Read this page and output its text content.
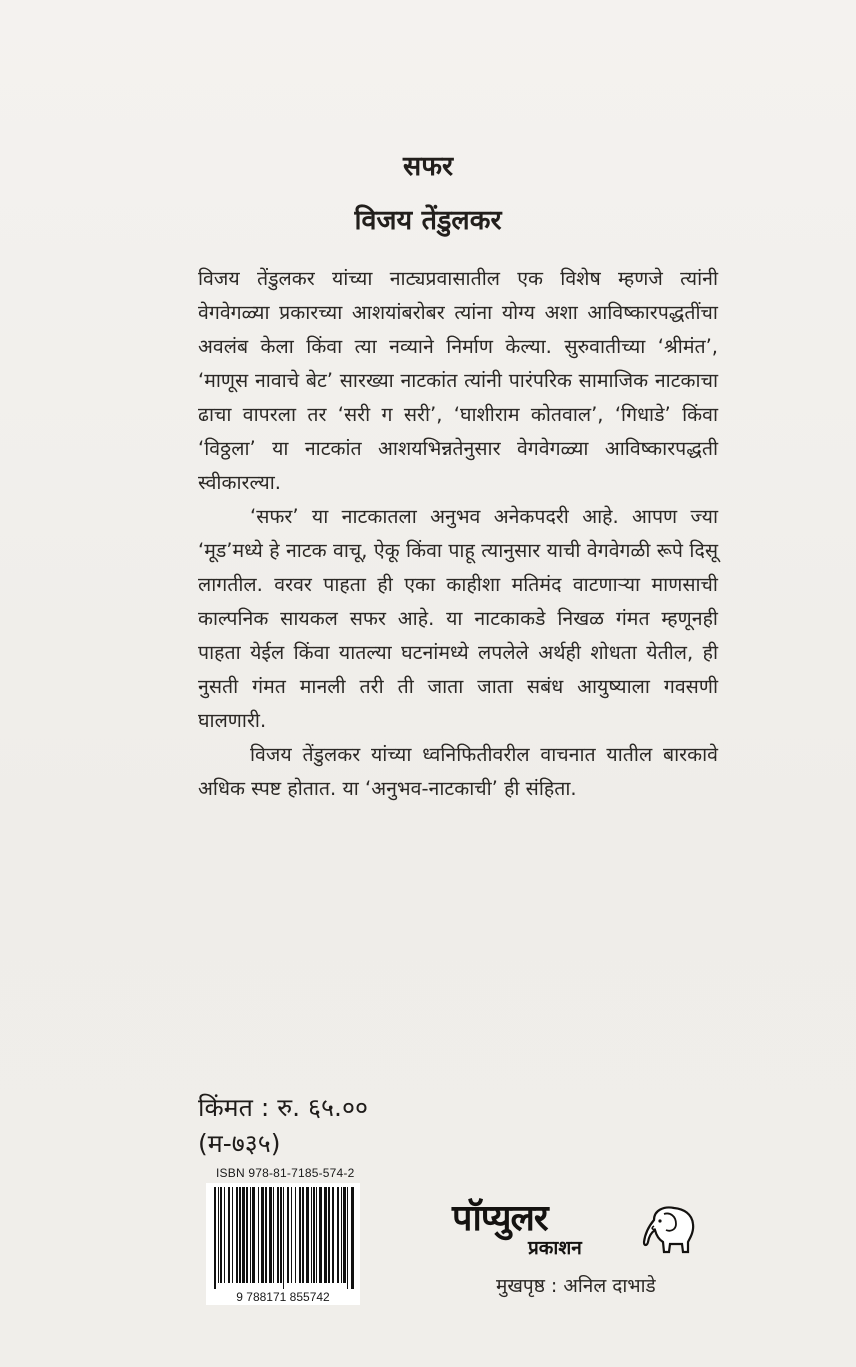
सफर
विजय तेंडुलकर

विजय तेंडुलकर यांच्या नाट्यप्रवासातील एक विशेष म्हणजे त्यांनी वेगवेगळ्या प्रकारच्या आशयांबरोबर त्यांना योग्य अशा आविष्कारपद्धतींचा अवलंब केला किंवा त्या नव्याने निर्माण केल्या. सुरुवातीच्या ‘श्रीमंत’, ‘माणूस नावाचे बेट’ सारख्या नाटकांत त्यांनी पारंपरिक सामाजिक नाटकाचा ढाचा वापरला तर ‘सरी ग सरी’, ‘घाशीराम कोतवाल’, ‘गिधाडे’ किंवा ‘विठ्ठला’ या नाटकांत आशयभिन्नतेनुसार वेगवेगळ्या आविष्कारपद्धती स्वीकारल्या.

‘सफर’ या नाटकातला अनुभव अनेकपदरी आहे. आपण ज्या ‘मूड’मध्ये हे नाटक वाचू, ऐकू किंवा पाहू त्यानुसार याची वेगवेगळी रूपे दिसू लागतील. वरवर पाहता ही एका काहीशा मतिमंद वाटणाऱ्या माणसाची काल्पनिक सायकल सफर आहे. या नाटकाकडे निखळ गंमत म्हणूनही पाहता येईल किंवा यातल्या घटनांमध्ये लपलेले अर्थही शोधता येतील, ही नुसती गंमत मानली तरी ती जाता जाता सबंध आयुष्याला गवसणी घालणारी.

विजय तेंडुलकर यांच्या ध्वनिफितीवरील वाचनात यातील बारकावे अधिक स्पष्ट होतात. या ‘अनुभव-नाटकाची’ ही संहिता.

किंमत : रु. ६५.००
(म-७३५)
ISBN 978-81-7185-574-2
9 788171 855742
पॉप्युलर
प्रकाशन
मुखपृष्ठ : अनिल दाभाडे
